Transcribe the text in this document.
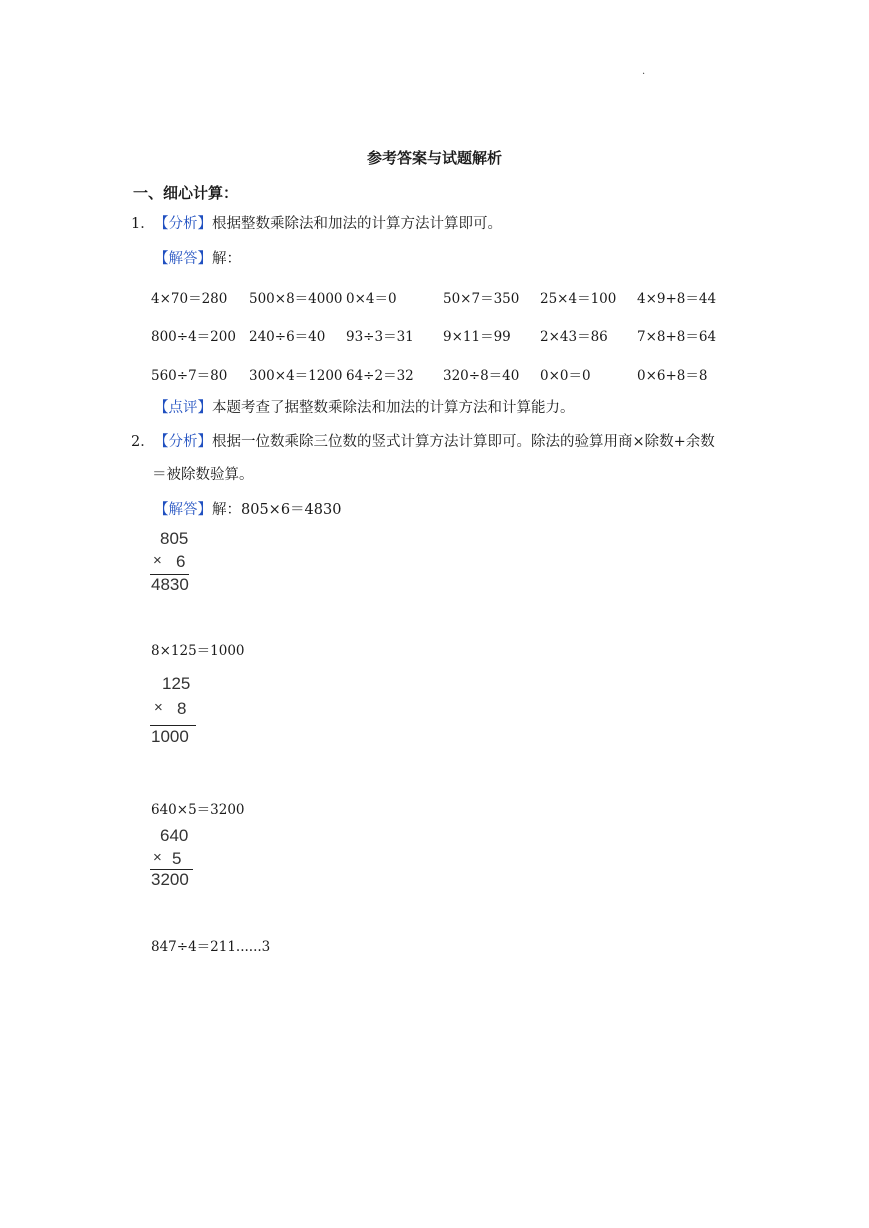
.
参考答案与试题解析
一、细心计算：
1． 【分析】根据整数乘除法和加法的计算方法计算即可。
【解答】解：
4×70＝280 500×8＝4000 0×4＝0	50×7＝350 25×4＝100 4×9+8＝44
800÷4＝200 240÷6＝40 93÷3＝31 9×11＝99 2×43＝86 7×8+8＝64
560÷7＝80 300×4＝1200 64÷2＝32 320÷8＝40 0×0＝0	0×6+8＝8
【点评】本题考查了据整数乘除法和加法的计算方法和计算能力。
2． 【分析】根据一位数乘除三位数的竖式计算方法计算即可。除法的验算用商×除数+余数
＝被除数验算。
【解答】解：805×6＝4830
805
× 6
4830
8×125＝1000
125
× 8
1000
640×5＝3200
640
× 5
3200
847÷4＝211......3
